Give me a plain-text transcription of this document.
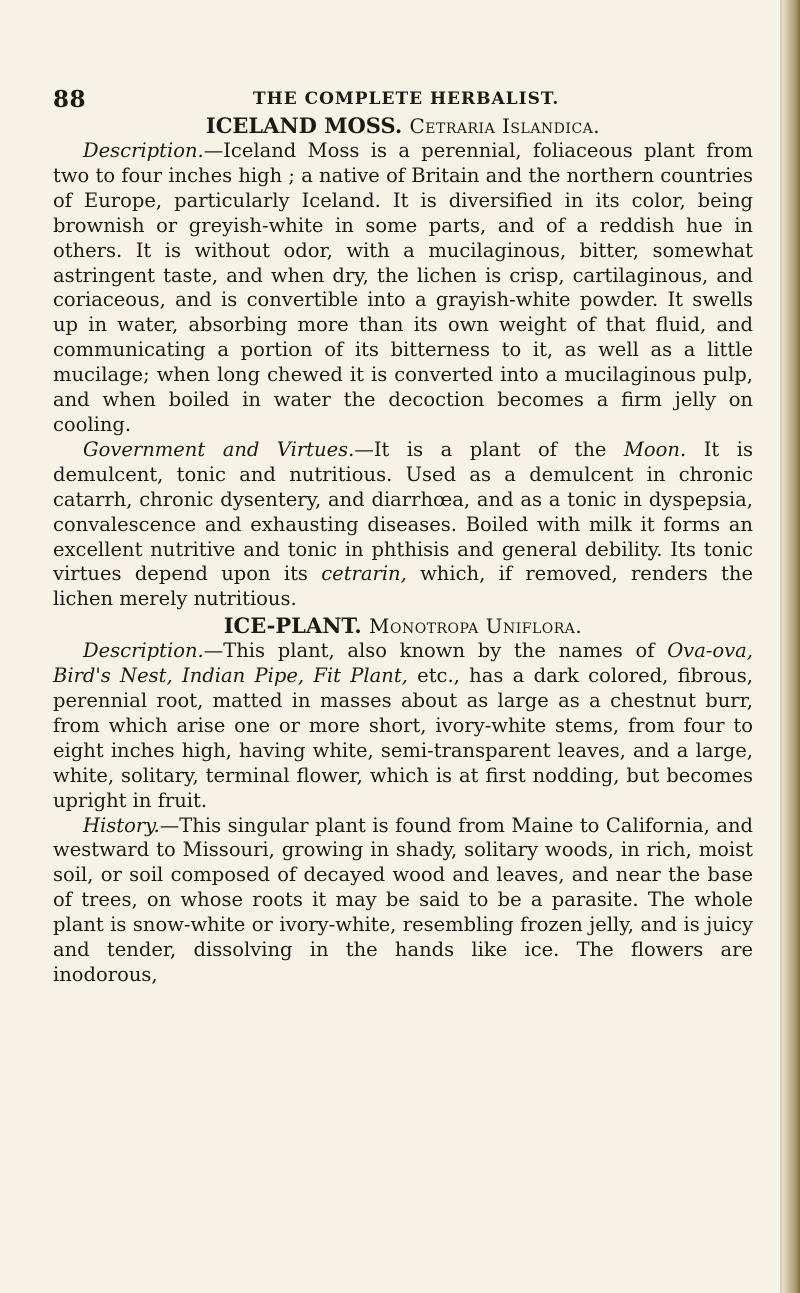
88	THE COMPLETE HERBALIST.
ICELAND MOSS. Cetraria Islandica.

Description.—Iceland Moss is a perennial, foliaceous plant from two to four inches high ; a native of Britain and the northern countries of Europe, particularly Iceland. It is diversified in its color, being brownish or greyish-white in some parts, and of a reddish hue in others. It is without odor, with a mucilaginous, bitter, somewhat astringent taste, and when dry, the lichen is crisp, cartilaginous, and coriaceous, and is convertible into a grayish-white powder. It swells up in water, absorbing more than its own weight of that fluid, and communicating a portion of its bitterness to it, as well as a little mucilage; when long chewed it is converted into a mucilaginous pulp, and when boiled in water the decoction becomes a firm jelly on cooling.

Government and Virtues.—It is a plant of the Moon. It is demulcent, tonic and nutritious. Used as a demulcent in chronic catarrh, chronic dysentery, and diarrhœa, and as a tonic in dyspepsia, convalescence and exhausting diseases. Boiled with milk it forms an excellent nutritive and tonic in phthisis and general debility. Its tonic virtues depend upon its cetrarin, which, if removed, renders the lichen merely nutritious.

ICE-PLANT. Monotropa Uniflora.

Description.—This plant, also known by the names of Ova-ova, Bird's Nest, Indian Pipe, Fit Plant, etc., has a dark colored, fibrous, perennial root, matted in masses about as large as a chestnut burr, from which arise one or more short, ivory-white stems, from four to eight inches high, having white, semi-transparent leaves, and a large, white, solitary, terminal flower, which is at first nodding, but becomes upright in fruit.

History.—This singular plant is found from Maine to California, and westward to Missouri, growing in shady, solitary woods, in rich, moist soil, or soil composed of decayed wood and leaves, and near the base of trees, on whose roots it may be said to be a parasite. The whole plant is snow-white or ivory-white, resembling frozen jelly, and is juicy and tender, dissolving in the hands like ice. The flowers are inodorous,
